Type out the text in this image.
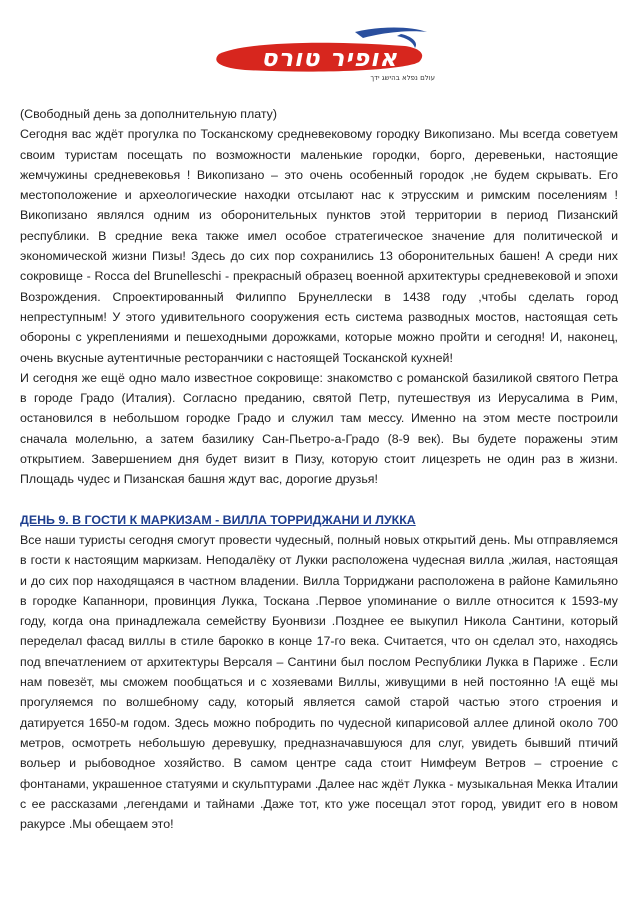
אופיר טורס
עולם נפלא בהישג ידך

(Свободный день за дополнительную плату)

Сегодня вас ждёт прогулка по Тосканскому средневековому городку Викопизано. Мы всегда советуем своим туристам посещать по возможности маленькие городки, борго, деревеньки, настоящие жемчужины средневековья ! Викопизано – это очень особенный городок ,не будем скрывать. Его местоположение и археологические находки отсылают нас к этрусским и римским поселениям ! Викопизано являлся одним из оборонительных пунктов этой территории в период Пизанский республики. В средние века также имел особое стратегическое значение для политической и экономической жизни Пизы! Здесь до сих пор сохранились 13 оборонительных башен! А среди них сокровище - Rocca del Brunelleschi - прекрасный образец военной архитектуры средневековой и эпохи Возрождения. Спроектированный Филиппо Брунеллески в 1438 году ,чтобы сделать город непреступным! У этого удивительного сооружения есть система разводных мостов, настоящая сеть обороны с укреплениями и пешеходными дорожками, которые можно пройти и сегодня! И, наконец, очень вкусные аутентичные ресторанчики с настоящей Тосканской кухней!

И сегодня же ещё одно мало известное сокровище: знакомство с романской базиликой святого Петра в городе Градо (Италия). Согласно преданию, святой Петр, путешествуя из Иерусалима в Рим, остановился в небольшом городке Градо и служил там мессу. Именно на этом месте построили сначала молельню, а затем базилику Сан-Пьетро-а-Градо (8-9 век). Вы будете поражены этим открытием. Завершением дня будет визит в Пизу, которую стоит лицезреть не один раз в жизни. Площадь чудес и Пизанская башня ждут вас, дорогие друзья!

ДЕНЬ 9. В ГОСТИ К МАРКИЗАМ - ВИЛЛА ТОРРИДЖАНИ И ЛУККА

Все наши туристы сегодня смогут провести чудесный, полный новых открытий день. Мы отправляемся в гости к настоящим маркизам. Неподалёку от Лукки расположена чудесная вилла ,жилая, настоящая и до сих пор находящаяся в частном владении. Вилла Торриджани расположена в районе Камильяно в городке Капаннори, провинция Лукка, Тоскана .Первое упоминание о вилле относится к 1593-му году, когда она принадлежала семейству Буонвизи .Позднее ее выкупил Никола Сантини, который переделал фасад виллы в стиле барокко в конце 17-го века. Считается, что он сделал это, находясь под впечатлением от архитектуры Версаля – Сантини был послом Республики Лукка в Париже . Если нам повезёт, мы сможем пообщаться и с хозяевами Виллы, живущими в ней постоянно !А ещё мы прогуляемся по волшебному саду, который является самой старой частью этого строения и датируется 1650-м годом. Здесь можно побродить по чудесной кипарисовой аллее длиной около 700 метров, осмотреть небольшую деревушку, предназначавшуюся для слуг, увидеть бывший птичий вольер и рыбоводное хозяйство. В самом центре сада стоит Нимфеум Ветров – строение с фонтанами, украшенное статуями и скульптурами .Далее нас ждёт Лукка - музыкальная Мекка Италии с ее рассказами ,легендами и тайнами .Даже тот, кто уже посещал этот город, увидит его в новом ракурсе .Мы обещаем это!
